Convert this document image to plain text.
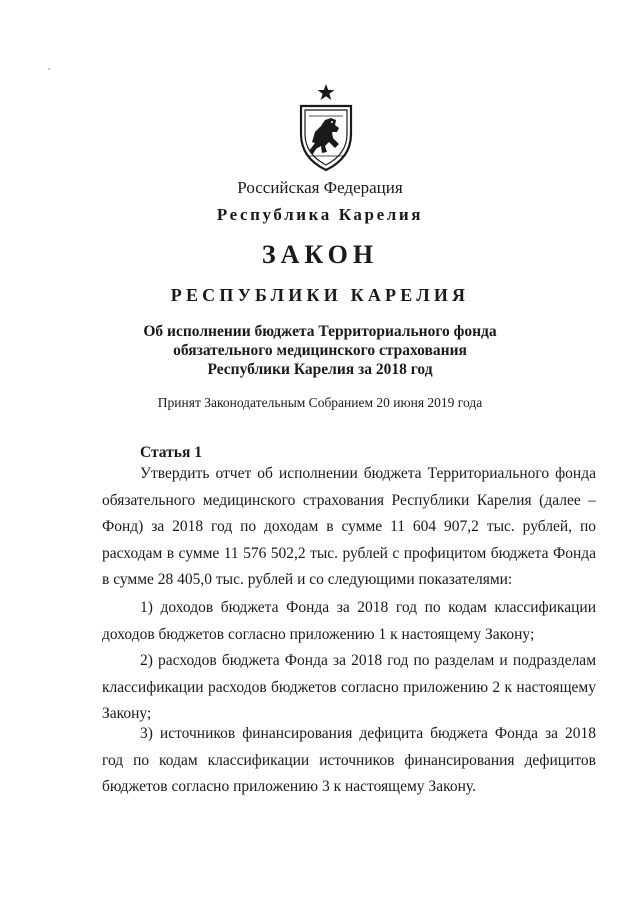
Российская Федерация
Республика Карелия
ЗАКОН
РЕСПУБЛИКИ КАРЕЛИЯ
Об исполнении бюджета Территориального фонда
обязательного медицинского страхования
Республики Карелия за 2018 год
Принят Законодательным Собранием 20 июня 2019 года
Статья 1

Утвердить отчет об исполнении бюджета Территориального фонда обязательного медицинского страхования Республики Карелия (далее – Фонд) за 2018 год по доходам в сумме 11 604 907,2 тыс. рублей, по расходам в сумме 11 576 502,2 тыс. рублей с профицитом бюджета Фонда в сумме 28 405,0 тыс. рублей и со следующими показателями:

1) доходов бюджета Фонда за 2018 год по кодам классификации доходов бюджетов согласно приложению 1 к настоящему Закону;

2) расходов бюджета Фонда за 2018 год по разделам и подразделам классификации расходов бюджетов согласно приложению 2 к настоящему Закону;

3) источников финансирования дефицита бюджета Фонда за 2018 год по кодам классификации источников финансирования дефицитов бюджетов согласно приложению 3 к настоящему Закону.
